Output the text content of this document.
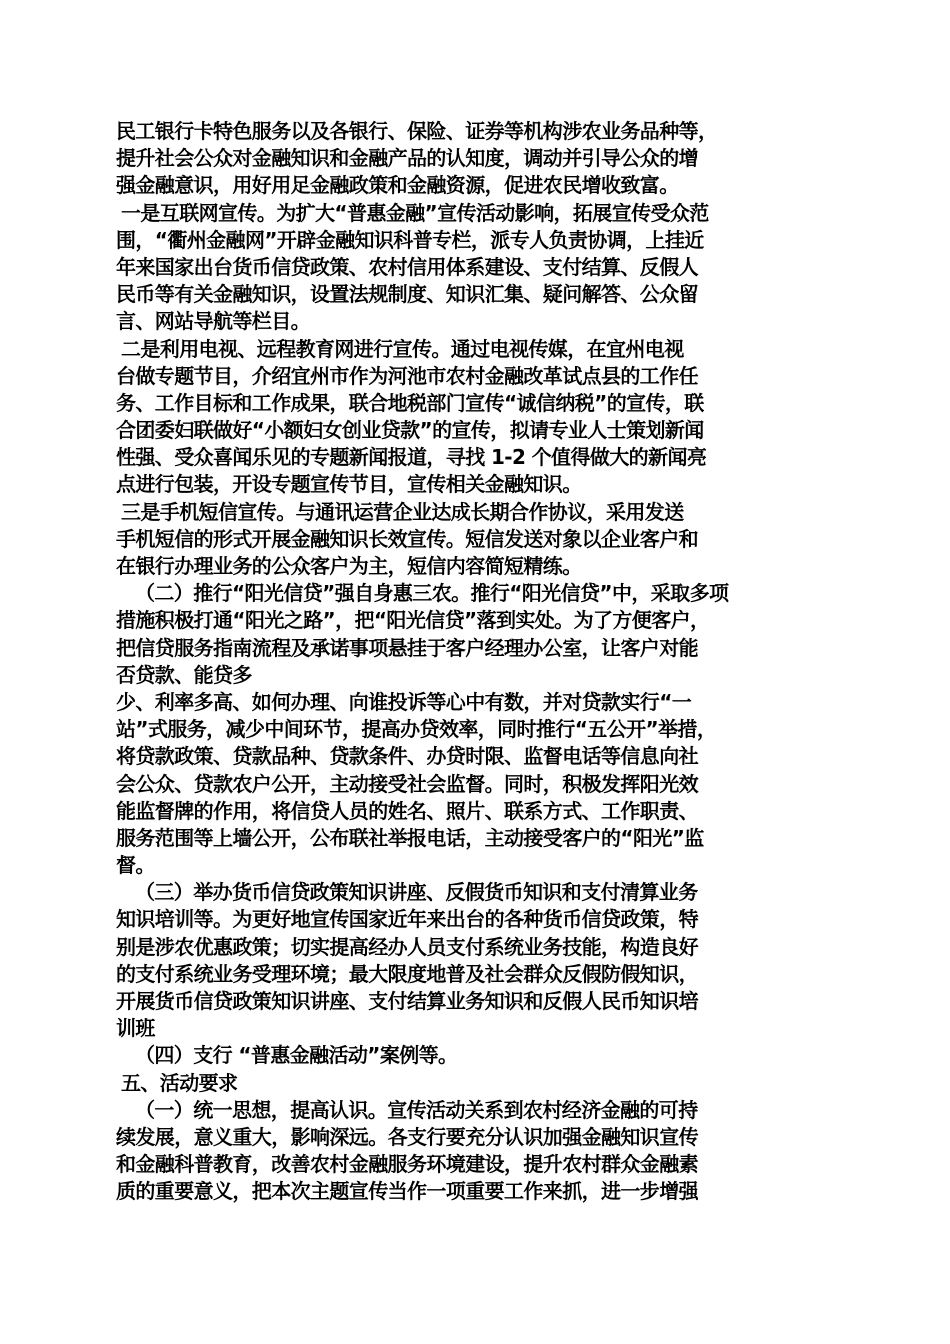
民工银行卡特色服务以及各银行、保险、证券等机构涉农业务品种等，
提升社会公众对金融知识和金融产品的认知度，调动并引导公众的增
强金融意识，用好用足金融政策和金融资源，促进农民增收致富。
一是互联网宣传。为扩大“普惠金融”宣传活动影响，拓展宣传受众范
围，“衢州金融网”开辟金融知识科普专栏，派专人负责协调，上挂近
年来国家出台货币信贷政策、农村信用体系建设、支付结算、反假人
民币等有关金融知识，设置法规制度、知识汇集、疑问解答、公众留
言、网站导航等栏目。
二是利用电视、远程教育网进行宣传。通过电视传媒，在宜州电视
台做专题节目，介绍宜州市作为河池市农村金融改革试点县的工作任
务、工作目标和工作成果，联合地税部门宣传“诚信纳税”的宣传，联
合团委妇联做好“小额妇女创业贷款”的宣传，拟请专业人士策划新闻
性强、受众喜闻乐见的专题新闻报道，寻找 1-2 个值得做大的新闻亮
点进行包装，开设专题宣传节目，宣传相关金融知识。
三是手机短信宣传。与通讯运营企业达成长期合作协议，采用发送
手机短信的形式开展金融知识长效宣传。短信发送对象以企业客户和
在银行办理业务的公众客户为主，短信内容简短精练。
（二）推行“阳光信贷”强自身惠三农。推行“阳光信贷”中，采取多项
措施积极打通“阳光之路”，把“阳光信贷”落到实处。为了方便客户，
把信贷服务指南流程及承诺事项悬挂于客户经理办公室，让客户对能
否贷款、能贷多
少、利率多高、如何办理、向谁投诉等心中有数，并对贷款实行“一
站”式服务，减少中间环节，提高办贷效率，同时推行“五公开”举措，
将贷款政策、贷款品种、贷款条件、办贷时限、监督电话等信息向社
会公众、贷款农户公开，主动接受社会监督。同时，积极发挥阳光效
能监督牌的作用，将信贷人员的姓名、照片、联系方式、工作职责、
服务范围等上墙公开，公布联社举报电话，主动接受客户的“阳光”监
督。
（三）举办货币信贷政策知识讲座、反假货币知识和支付清算业务
知识培训等。为更好地宣传国家近年来出台的各种货币信贷政策，特
别是涉农优惠政策；切实提高经办人员支付系统业务技能，构造良好
的支付系统业务受理环境；最大限度地普及社会群众反假防假知识，
开展货币信贷政策知识讲座、支付结算业务知识和反假人民币知识培
训班
（四）支行 “普惠金融活动”案例等。
五、活动要求
（一）统一思想，提高认识。宣传活动关系到农村经济金融的可持
续发展，意义重大，影响深远。各支行要充分认识加强金融知识宣传
和金融科普教育，改善农村金融服务环境建设，提升农村群众金融素
质的重要意义，把本次主题宣传当作一项重要工作来抓，进一步增强
